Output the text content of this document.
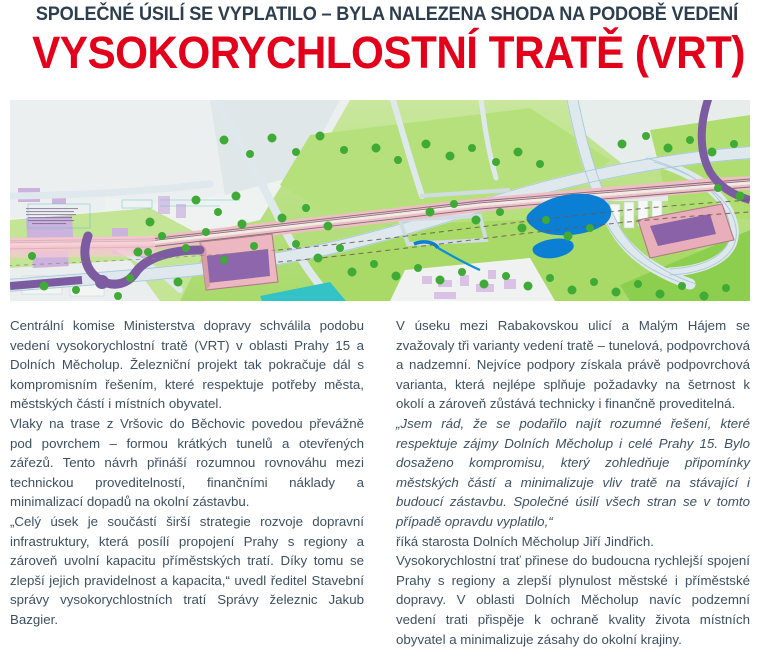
SPOLEČNÉ ÚSILÍ SE VYPLATILO – BYLA NALEZENA SHODA NA PODOBĚ VEDENÍ
VYSOKORYCHLOSTNÍ TRATĚ (VRT)

Centrální komise Ministerstva dopravy schválila podobu vedení vysokorychlostní tratě (VRT) v oblasti Prahy 15 a Dolních Měcholup. Železniční projekt tak pokračuje dál s kompromisním řešením, které respektuje potřeby města, městských částí i místních obyvatel.

Vlaky na trase z Vršovic do Běchovic povedou převážně pod povrchem – formou krátkých tunelů a otevřených zářezů. Tento návrh přináší rozumnou rovnováhu mezi technickou proveditelností, finančními náklady a minimalizací dopadů na okolní zástavbu.

„Celý úsek je součástí širší strategie rozvoje dopravní infrastruktury, která posílí propojení Prahy s regiony a zároveň uvolní kapacitu příměstských tratí. Díky tomu se zlepší jejich pravidelnost a kapacita,“ uvedl ředitel Stavební správy vysokorychlostních tratí Správy železnic Jakub Bazgier.

V úseku mezi Rabakovskou ulicí a Malým Hájem se zvažovaly tři varianty vedení tratě – tunelová, podpovrchová a nadzemní. Nejvíce podpory získala právě podpovrchová varianta, která nejlépe splňuje požadavky na šetrnost k okolí a zároveň zůstává technicky i finančně proveditelná.

„Jsem rád, že se podařilo najít rozumné řešení, které respektuje zájmy Dolních Měcholup i celé Prahy 15. Bylo dosaženo kompromisu, který zohledňuje připomínky městských částí a minimalizuje vliv tratě na stávající i budoucí zástavbu. Společné úsilí všech stran se v tomto případě opravdu vyplatilo,“

říká starosta Dolních Měcholup Jiří Jindřich.

Vysokorychlostní trať přinese do budoucna rychlejší spojení Prahy s regiony a zlepší plynulost městské i příměstské dopravy. V oblasti Dolních Měcholup navíc podzemní vedení trati přispěje k ochraně kvality života místních obyvatel a minimalizuje zásahy do okolní krajiny.
